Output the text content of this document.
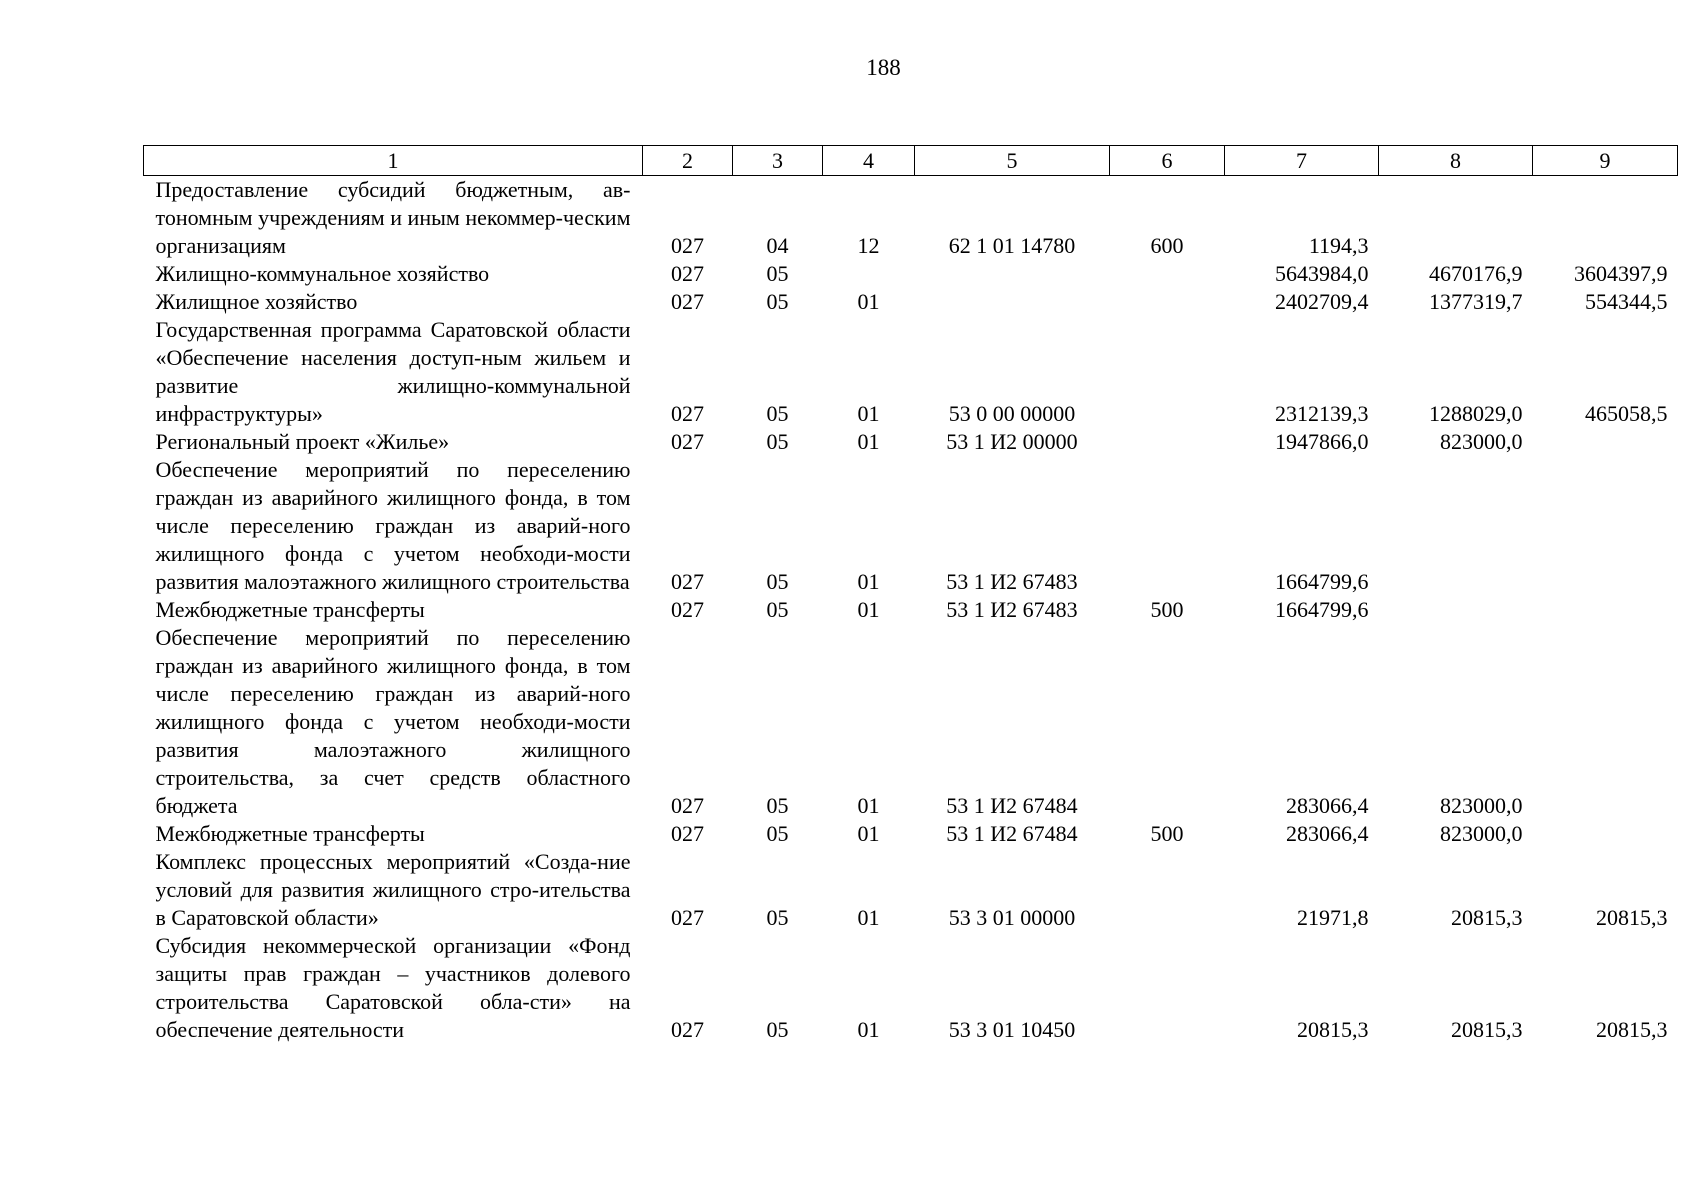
188
1	2	3	4	5	6	7	8	9
Предоставление субсидий бюджетным, ав-тономным учреждениям и иным некоммер-ческим организациям	027	04	12	62 1 01 14780	600	1194,3		
Жилищно-коммунальное хозяйство	027	05				5643984,0	4670176,9	3604397,9
Жилищное хозяйство	027	05	01			2402709,4	1377319,7	554344,5
Государственная программа Саратовской области «Обеспечение населения доступ-ным жильем и развитие жилищно-коммунальной инфраструктуры»	027	05	01	53 0 00 00000		2312139,3	1288029,0	465058,5
Региональный проект «Жилье»	027	05	01	53 1 И2 00000		1947866,0	823000,0	
Обеспечение мероприятий по переселению граждан из аварийного жилищного фонда, в том числе переселению граждан из аварий-ного жилищного фонда с учетом необходи-мости развития малоэтажного жилищного строительства	027	05	01	53 1 И2 67483		1664799,6		
Межбюджетные трансферты	027	05	01	53 1 И2 67483	500	1664799,6		
Обеспечение мероприятий по переселению граждан из аварийного жилищного фонда, в том числе переселению граждан из аварий-ного жилищного фонда с учетом необходи-мости развития малоэтажного жилищного строительства, за счет средств областного бюджета	027	05	01	53 1 И2 67484		283066,4	823000,0	
Межбюджетные трансферты	027	05	01	53 1 И2 67484	500	283066,4	823000,0	
Комплекс процессных мероприятий «Созда-ние условий для развития жилищного стро-ительства в Саратовской области»	027	05	01	53 3 01 00000		21971,8	20815,3	20815,3
Субсидия некоммерческой организации «Фонд защиты прав граждан – участников долевого строительства Саратовской обла-сти» на обеспечение деятельности	027	05	01	53 3 01 10450		20815,3	20815,3	20815,3
